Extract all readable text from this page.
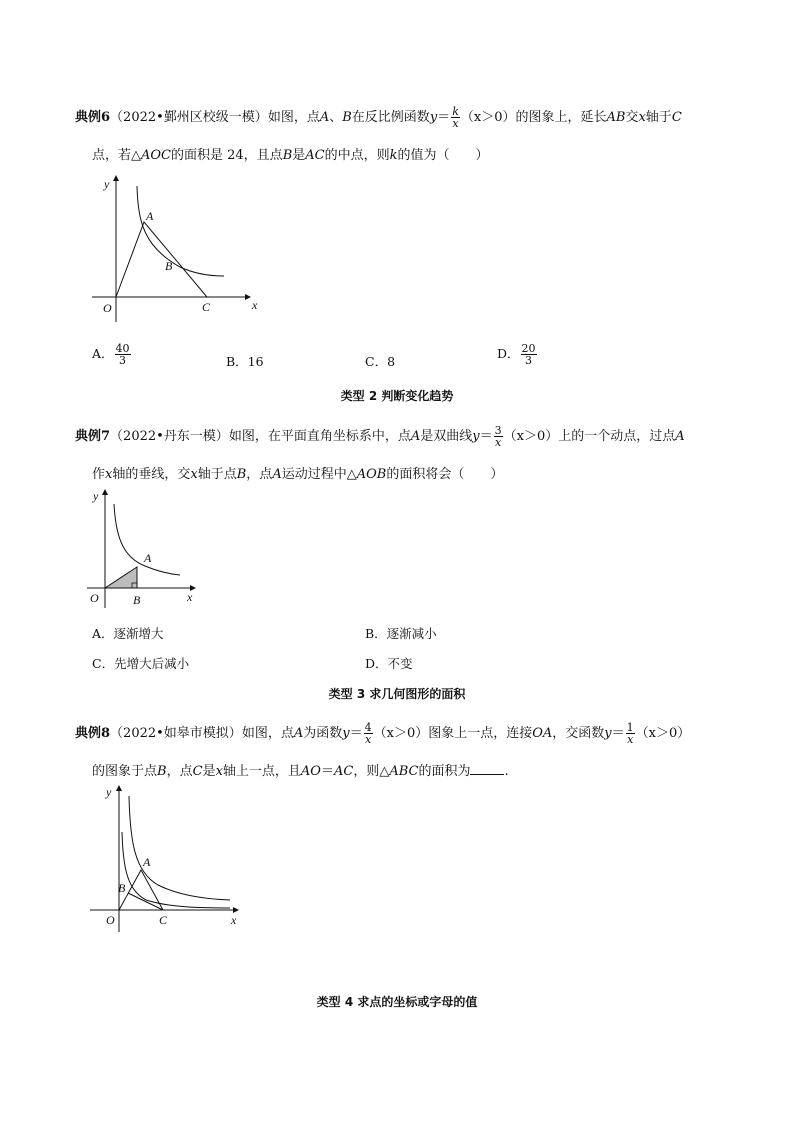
典例6（2022•鄞州区校级一模）如图，点A、B在反比例函数$y= \frac{k}{x} (x>0)$的图象上，延长AB交x轴于C
点，若△AOC的面积是 24，且点B是AC的中点，则k的值为（　　）
A
B
C
O	x
y
A． $\frac{40}{3}$	B．16	C．8
D． $\frac{20}{3}$
类型 2 判断变化趋势
典例7（2022•丹东一模）如图，在平面直角坐标系中，点A是双曲线$y= \frac{3}{x} (x>0)$上的一个动点，过点A
作x轴的垂线，交x轴于点B，点A运动过程中△AOB的面积将会（　　）
A
B
O	x
y
A．逐渐增大	B．逐渐减小
C．先增大后减小	D．不变
类型 3 求几何图形的面积
典例8（2022•如皋市模拟）如图，点A为函数$y= \frac{4}{x} (x>0)$图象上一点，连接OA，交函数$y= \frac{1}{x} (x>0)$
的图象于点B，点C是x轴上一点，且AO＝AC，则△ABC的面积为	.
A
B
C
O	x
y
类型 4 求点的坐标或字母的值
